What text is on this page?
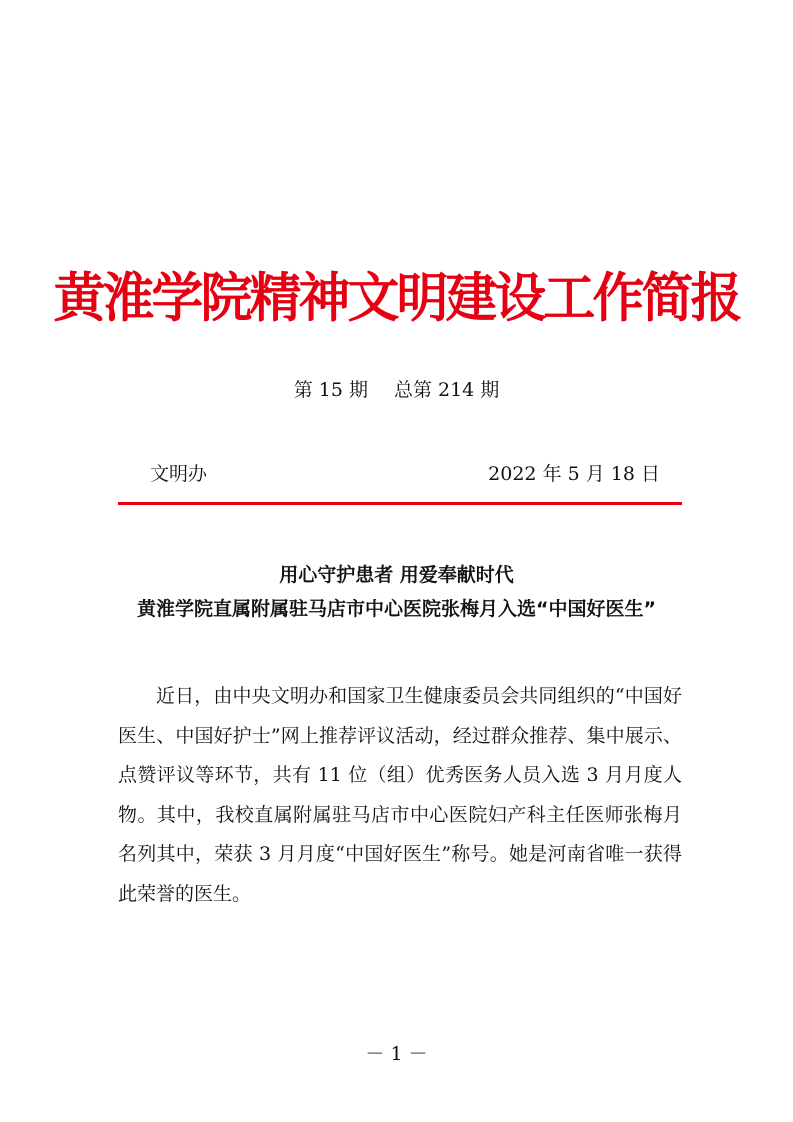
黄淮学院精神文明建设工作简报
第 15 期 总第 214 期
文明办	2022 年 5 月 18 日
用心守护患者 用爱奉献时代
黄淮学院直属附属驻马店市中心医院张梅月入选“中国好医生”

近日，由中央文明办和国家卫生健康委员会共同组织的“中国好医生、中国好护士”网上推荐评议活动，经过群众推荐、集中展示、点赞评议等环节，共有 11 位（组）优秀医务人员入选 3 月月度人物。其中，我校直属附属驻马店市中心医院妇产科主任医师张梅月名列其中，荣获 3 月月度“中国好医生”称号。她是河南省唯一获得此荣誉的医生。

－ 1 －
